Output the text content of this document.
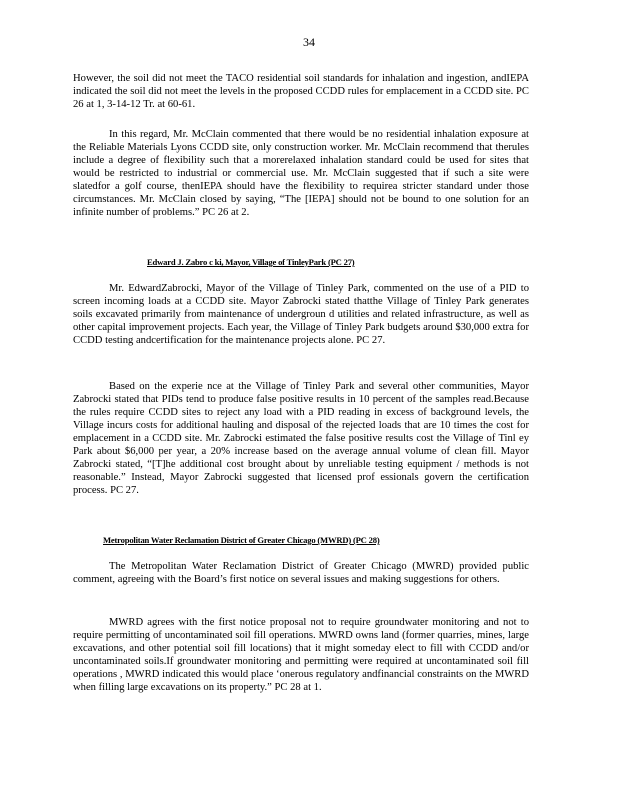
34

However, the soil did not meet the TACO residential soil standards for inhalation and ingestion, andIEPA indicated the soil did not meet the levels in the proposed CCDD rules for emplacement in a CCDD site. PC 26 at 1, 3-14-12 Tr. at 60-61.

In this regard, Mr. McClain commented that there would be no residential inhalation exposure at the Reliable Materials Lyons CCDD site, only construction worker. Mr. McClain recommend that therules include a degree of flexibility such that a morerelaxed inhalation standard could be used for sites that would be restricted to industrial or commercial use. Mr. McClain suggested that if such a site were slatedfor a golf course, thenIEPA should have the flexibility to requirea stricter standard under those circumstances. Mr. McClain closed by saying, “The [IEPA] should not be bound to one solution for an infinite number of problems.” PC 26 at 2.

Edward J. Zabro c ki, Mayor, Village of TinleyPark (PC 27)

Mr. EdwardZabrocki, Mayor of the Village of Tinley Park, commented on the use of a PID to screen incoming loads at a CCDD site. Mayor Zabrocki stated thatthe Village of Tinley Park generates soils excavated primarily from maintenance of undergroun d utilities and related infrastructure, as well as other capital improvement projects. Each year, the Village of Tinley Park budgets around $30,000 extra for CCDD testing andcertification for the maintenance projects alone. PC 27.

Based on the experie nce at the Village of Tinley Park and several other communities, Mayor Zabrocki stated that PIDs tend to produce false positive results in 10 percent of the samples read.Because the rules require CCDD sites to reject any load with a PID reading in excess of background levels, the Village incurs costs for additional hauling and disposal of the rejected loads that are 10 times the cost for emplacement in a CCDD site. Mr. Zabrocki estimated the false positive results cost the Village of Tinl ey Park about $6,000 per year, a 20% increase based on the average annual volume of clean fill. Mayor Zabrocki stated, “[T]he additional cost brought about by unreliable testing equipment / methods is not reasonable.” Instead, Mayor Zabrocki suggested that licensed prof essionals govern the certification process. PC 27.

Metropolitan Water Reclamation District of Greater Chicago (MWRD) (PC 28)

The Metropolitan Water Reclamation District of Greater Chicago (MWRD) provided public comment, agreeing with the Board’s first notice on several issues and making suggestions for others.

MWRD agrees with the first notice proposal not to require groundwater monitoring and not to require permitting of uncontaminated soil fill operations. MWRD owns land (former quarries, mines, large excavations, and other potential soil fill locations) that it might someday elect to fill with CCDD and/or uncontaminated soils.If groundwater monitoring and permitting were required at uncontaminated soil fill operations , MWRD indicated this would place ‘onerous regulatory andfinancial constraints on the MWRD when filling large excavations on its property.” PC 28 at 1.
